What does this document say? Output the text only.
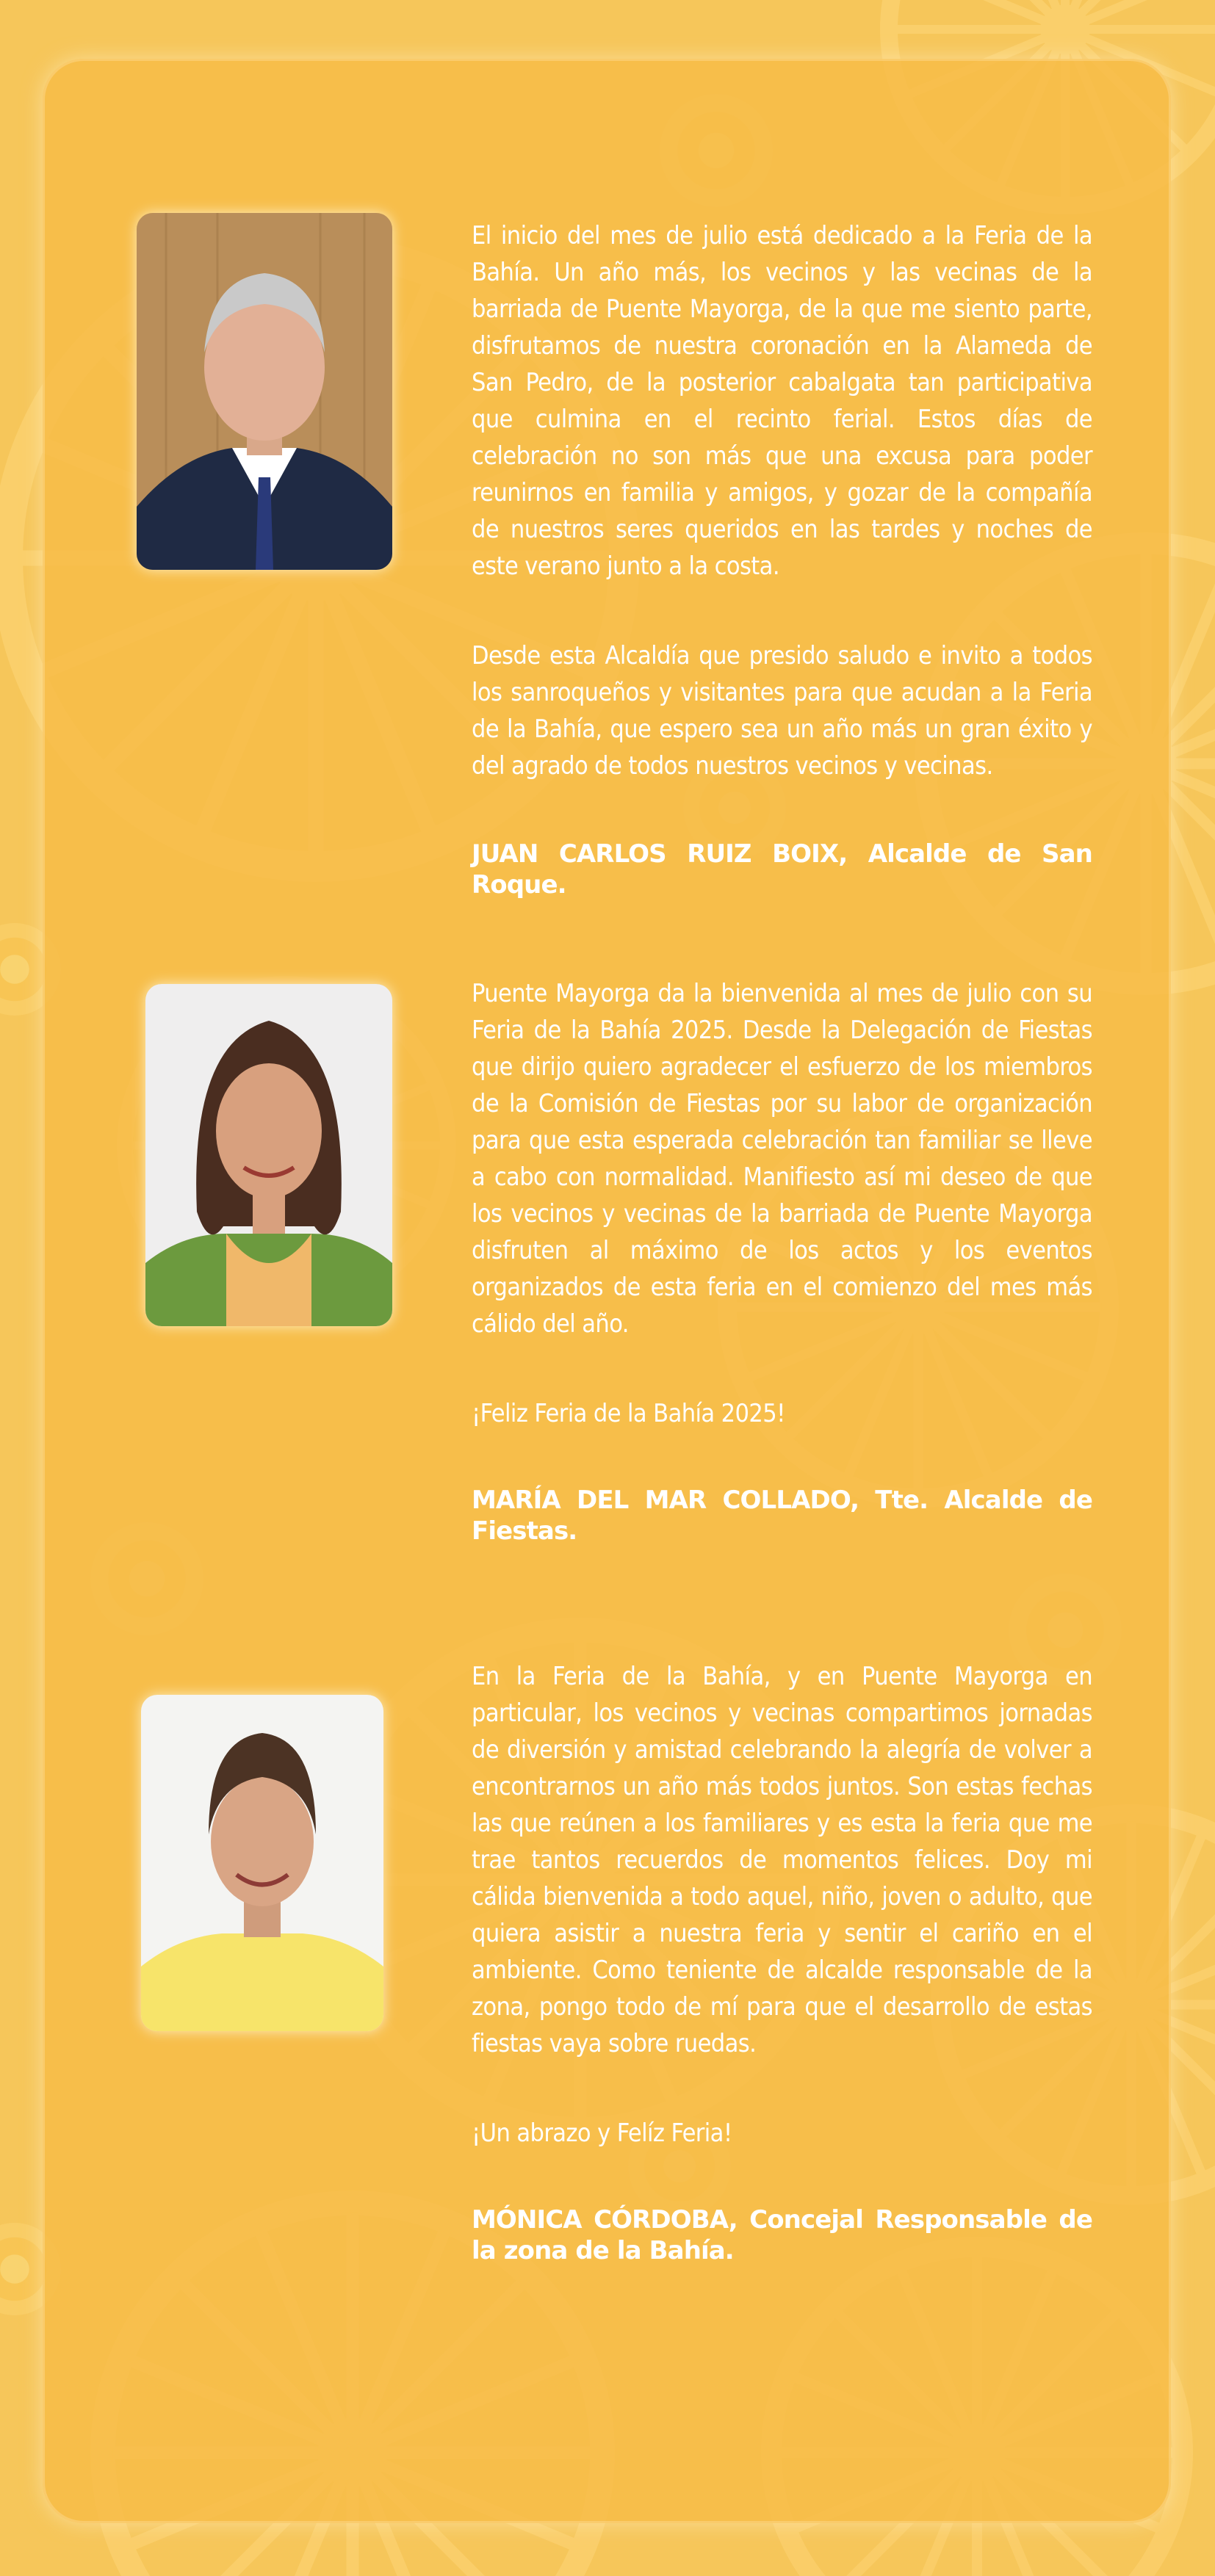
El inicio del mes de julio está dedicado a la Feria de la Bahía. Un año más, los vecinos y las vecinas de la barriada de Puente Mayorga, de la que me siento parte, disfrutamos de nuestra coronación en la Alameda de San Pedro, de la posterior cabalgata tan participativa que culmina en el recinto ferial. Estos días de celebración no son más que una excusa para poder reunirnos en familia y amigos, y gozar de la compañía de nuestros seres queridos en las tardes y noches de este verano junto a la costa.

Desde esta Alcaldía que presido saludo e invito a todos los sanroqueños y visitantes para que acudan a la Feria de la Bahía, que espero sea un año más un gran éxito y del agrado de todos nuestros vecinos y vecinas.

JUAN CARLOS RUIZ BOIX, Alcalde de San Roque.

Puente Mayorga da la bienvenida al mes de julio con su Feria de la Bahía 2025. Desde la Delegación de Fiestas que dirijo quiero agradecer el esfuerzo de los miembros de la Comisión de Fiestas por su labor de organización para que esta esperada celebración tan familiar se lleve a cabo con normalidad. Manifiesto así mi deseo de que los vecinos y vecinas de la barriada de Puente Mayorga disfruten al máximo de los actos y los eventos organizados de esta feria en el comienzo del mes más cálido del año.

¡Feliz Feria de la Bahía 2025!

MARÍA DEL MAR COLLADO, Tte. Alcalde de Fiestas.

En la Feria de la Bahía, y en Puente Mayorga en particular, los vecinos y vecinas compartimos jornadas de diversión y amistad celebrando la alegría de volver a encontrarnos un año más todos juntos. Son estas fechas las que reúnen a los familiares y es esta la feria que me trae tantos recuerdos de momentos felices. Doy mi cálida bienvenida a todo aquel, niño, joven o adulto, que quiera asistir a nuestra feria y sentir el cariño en el ambiente. Como teniente de alcalde responsable de la zona, pongo todo de mí para que el desarrollo de estas fiestas vaya sobre ruedas.

¡Un abrazo y Felíz Feria!

MÓNICA CÓRDOBA, Concejal Responsable de la zona de la Bahía.
